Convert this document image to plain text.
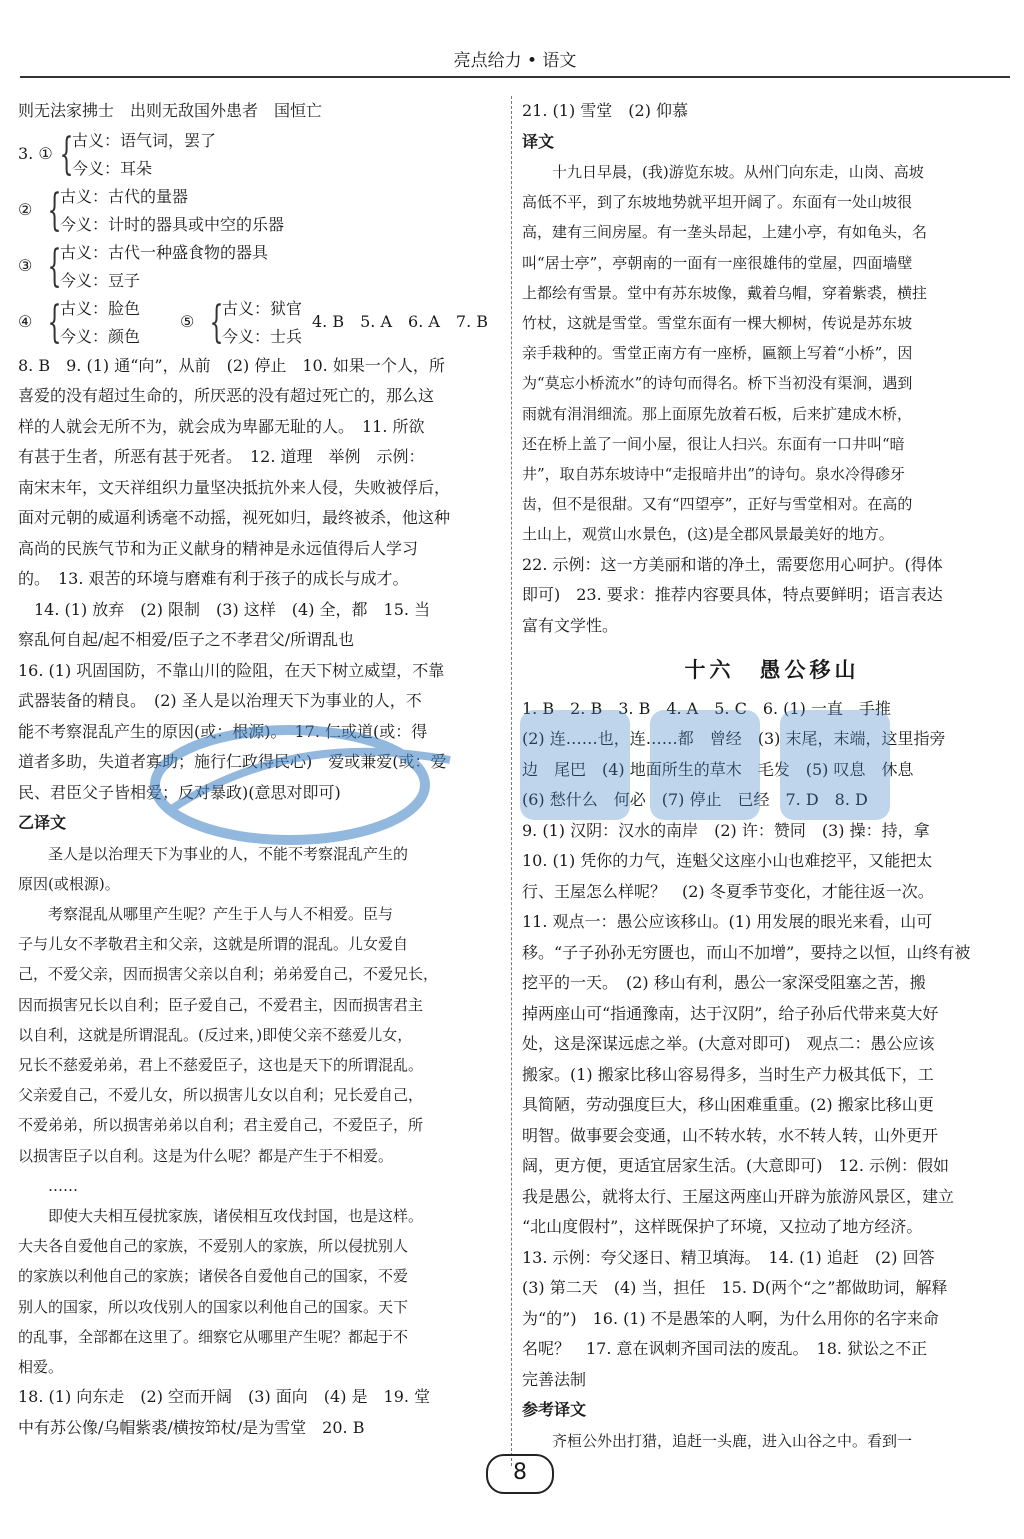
亮点给力 • 语文
则无法家拂士　出则无敌国外患者　国恒亡
3. ① {
古义：语气词，罢了
今义：耳朵
② {
古义：古代的量器
今义：计时的器具或中空的乐器
③ {
古义：古代一种盛食物的器具
今义：豆子
④ {
古义：脸色
今义：颜色
⑤ {
古义：狱官
今义：士兵
4. B　5. A　6. A　7. B
8. B　9. (1) 通“向”，从前　(2) 停止　10. 如果一个人，所
喜爱的没有超过生命的，所厌恶的没有超过死亡的，那么这
样的人就会无所不为，就会成为卑鄙无耻的人。　11. 所欲
有甚于生者，所恶有甚于死者。　12. 道理　举例　示例：
南宋末年，文天祥组织力量坚决抵抗外来人侵，失败被俘后，
面对元朝的威逼利诱毫不动摇，视死如归，最终被杀，他这种
高尚的民族气节和为正义献身的精神是永远值得后人学习
的。　13. 艰苦的环境与磨难有利于孩子的成长与成才。
　14. (1) 放弃　(2) 限制　(3) 这样　(4) 全，都　15. 当
察乱何自起/起不相爱/臣子之不孝君父/所谓乱也
16. (1) 巩固国防，不靠山川的险阻，在天下树立威望，不靠
武器装备的精良。　(2) 圣人是以治理天下为事业的人，不
能不考察混乱产生的原因(或：根源)。　17. 仁或道(或：得
道者多助，失道者寡助；施行仁政得民心)　爱或兼爱(或：爱
民、君臣父子皆相爱；反对暴政)(意思对即可)
乙译文
　　圣人是以治理天下为事业的人，不能不考察混乱产生的
原因(或根源)。
　　考察混乱从哪里产生呢？产生于人与人不相爱。臣与
子与儿女不孝敬君主和父亲，这就是所谓的混乱。儿女爱自
己，不爱父亲，因而损害父亲以自利；弟弟爱自己，不爱兄长，
因而损害兄长以自利；臣子爱自己，不爱君主，因而损害君主
以自利，这就是所谓混乱。(反过来，)即使父亲不慈爱儿女，
兄长不慈爱弟弟，君上不慈爱臣子，这也是天下的所谓混乱。
父亲爱自己，不爱儿女，所以损害儿女以自利；兄长爱自己，
不爱弟弟，所以损害弟弟以自利；君主爱自己，不爱臣子，所
以损害臣子以自利。这是为什么呢？都是产生于不相爱。
　　……
　　即使大夫相互侵扰家族，诸侯相互攻伐封国，也是这样。
大夫各自爱他自己的家族，不爱别人的家族，所以侵扰别人
的家族以利他自己的家族；诸侯各自爱他自己的国家，不爱
别人的国家，所以攻伐别人的国家以利他自己的国家。天下
的乱事，全部都在这里了。细察它从哪里产生呢？都起于不
相爱。
18. (1) 向东走　(2) 空而开阔　(3) 面向　(4) 是　19. 堂
中有苏公像/乌帽紫裘/横按笻杖/是为雪堂　20. B
21. (1) 雪堂　(2) 仰慕
译文
　　十九日早晨，(我)游览东坡。从州门向东走，山岗、高坡
高低不平，到了东坡地势就平坦开阔了。东面有一处山坡很
高，建有三间房屋。有一垄头昂起，上建小亭，有如龟头，名
叫“居士亭”，亭朝南的一面有一座很雄伟的堂屋，四面墙壁
上都绘有雪景。堂中有苏东坡像，戴着乌帽，穿着紫裘，横拄
竹杖，这就是雪堂。雪堂东面有一棵大柳树，传说是苏东坡
亲手栽种的。雪堂正南方有一座桥，匾额上写着“小桥”，因
为“莫忘小桥流水”的诗句而得名。桥下当初没有渠涧，遇到
雨就有涓涓细流。那上面原先放着石板，后来扩建成木桥，
还在桥上盖了一间小屋，很让人扫兴。东面有一口井叫“暗
井”，取自苏东坡诗中“走报暗井出”的诗句。泉水冷得碜牙
齿，但不是很甜。又有“四望亭”，正好与雪堂相对。在高的
土山上，观赏山水景色，(这)是全郡风景最美好的地方。
22. 示例：这一方美丽和谐的净土，需要您用心呵护。(得体
即可)　23. 要求：推荐内容要具体，特点要鲜明；语言表达
富有文学性。
十六　愚公移山
1. B　2. B　3. B　4. A　5. C　6. (1) 一直　手推
(2) 连……也，连……都　曾经　(3) 末尾，末端，这里指旁
边　尾巴　(4) 地面所生的草木　毛发　(5) 叹息　休息
(6) 愁什么　何必　(7) 停止　已经　7. D　8. D
9. (1) 汉阴：汉水的南岸　(2) 许：赞同　(3) 操：持，拿
10. (1) 凭你的力气，连魁父这座小山也难挖平，又能把太
行、王屋怎么样呢？　(2) 冬夏季节变化，才能往返一次。
11. 观点一：愚公应该移山。(1) 用发展的眼光来看，山可
移。“子子孙孙无穷匮也，而山不加增”，要持之以恒，山终有被
挖平的一天。　(2) 移山有利，愚公一家深受阻塞之苦，搬
掉两座山可“指通豫南，达于汉阴”，给子孙后代带来莫大好
处，这是深谋远虑之举。(大意对即可)　观点二：愚公应该
搬家。(1) 搬家比移山容易得多，当时生产力极其低下，工
具简陋，劳动强度巨大，移山困难重重。(2) 搬家比移山更
明智。做事要会变通，山不转水转，水不转人转，山外更开
阔，更方便，更适宜居家生活。(大意即可)　12. 示例：假如
我是愚公，就将太行、王屋这两座山开辟为旅游风景区，建立
“北山度假村”，这样既保护了环境，又拉动了地方经济。
13. 示例：夸父逐日、精卫填海。　14. (1) 追赶　(2) 回答
(3) 第二天　(4) 当，担任　15. D(两个“之”都做助词，解释
为“的”)　16. (1) 不是愚笨的人啊，为什么用你的名字来命
名呢？　17. 意在讽刺齐国司法的废乱。　18. 狱讼之不正
完善法制
参考译文
　　齐桓公外出打猎，追赶一头鹿，进入山谷之中。看到一
8
